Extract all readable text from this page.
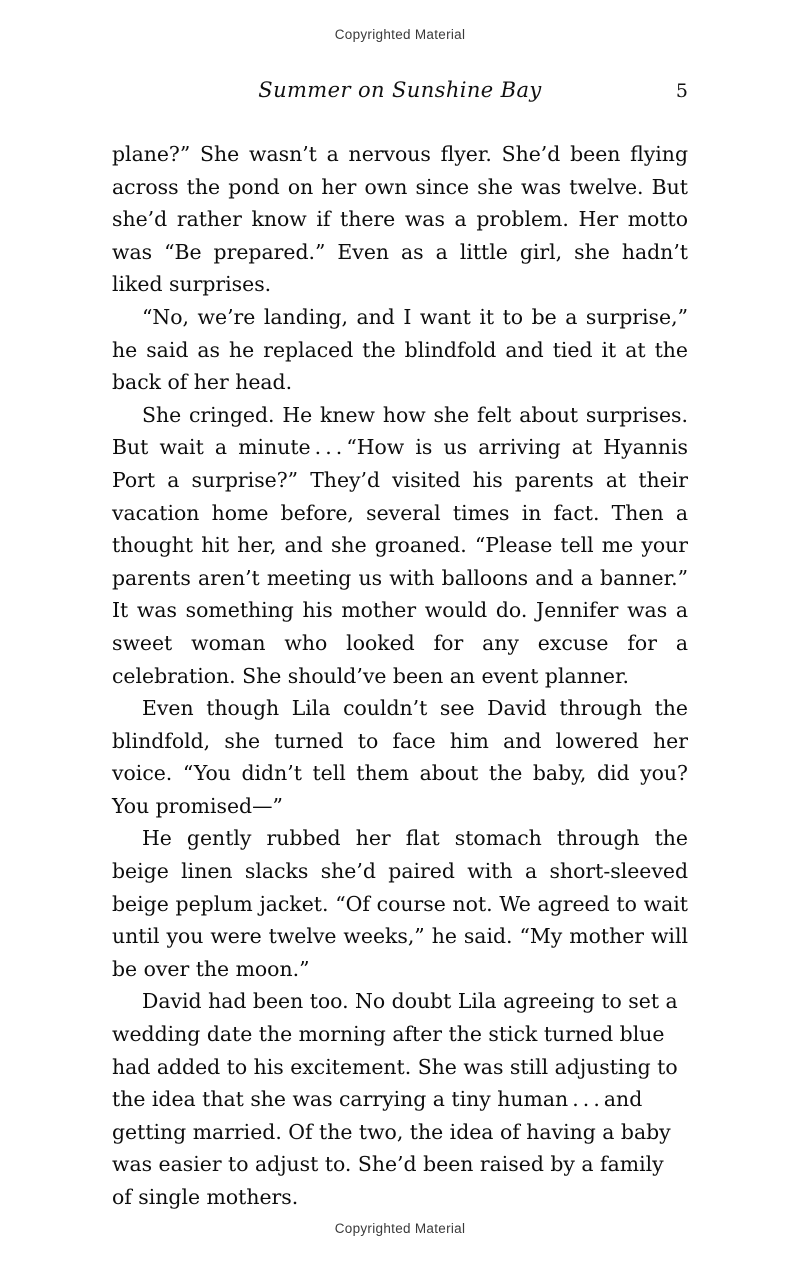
Copyrighted Material
Summer on Sunshine Bay	5

plane?” She wasn’t a nervous flyer. She’d been flying across the pond on her own since she was twelve. But she’d rather know if there was a problem. Her motto was “Be prepared.” Even as a little girl, she hadn’t liked surprises.

“No, we’re landing, and I want it to be a surprise,” he said as he replaced the blindfold and tied it at the back of her head.

She cringed. He knew how she felt about surprises. But wait a minute . . . “How is us arriving at Hyannis Port a surprise?” They’d visited his parents at their vacation home before, several times in fact. Then a thought hit her, and she groaned. “Please tell me your parents aren’t meeting us with balloons and a banner.” It was something his mother would do. Jennifer was a sweet woman who looked for any excuse for a celebration. She should’ve been an event planner.

Even though Lila couldn’t see David through the blindfold, she turned to face him and lowered her voice. “You didn’t tell them about the baby, did you? You promised—”

He gently rubbed her flat stomach through the beige linen slacks she’d paired with a short-sleeved beige peplum jacket. “Of course not. We agreed to wait until you were twelve weeks,” he said. “My mother will be over the moon.”

David had been too. No doubt Lila agreeing to set a wedding date the morning after the stick turned blue had added to his excitement. She was still adjusting to the idea that she was carrying a tiny human . . . and getting married. Of the two, the idea of having a baby was easier to adjust to. She’d been raised by a family of single mothers.

Copyrighted Material
